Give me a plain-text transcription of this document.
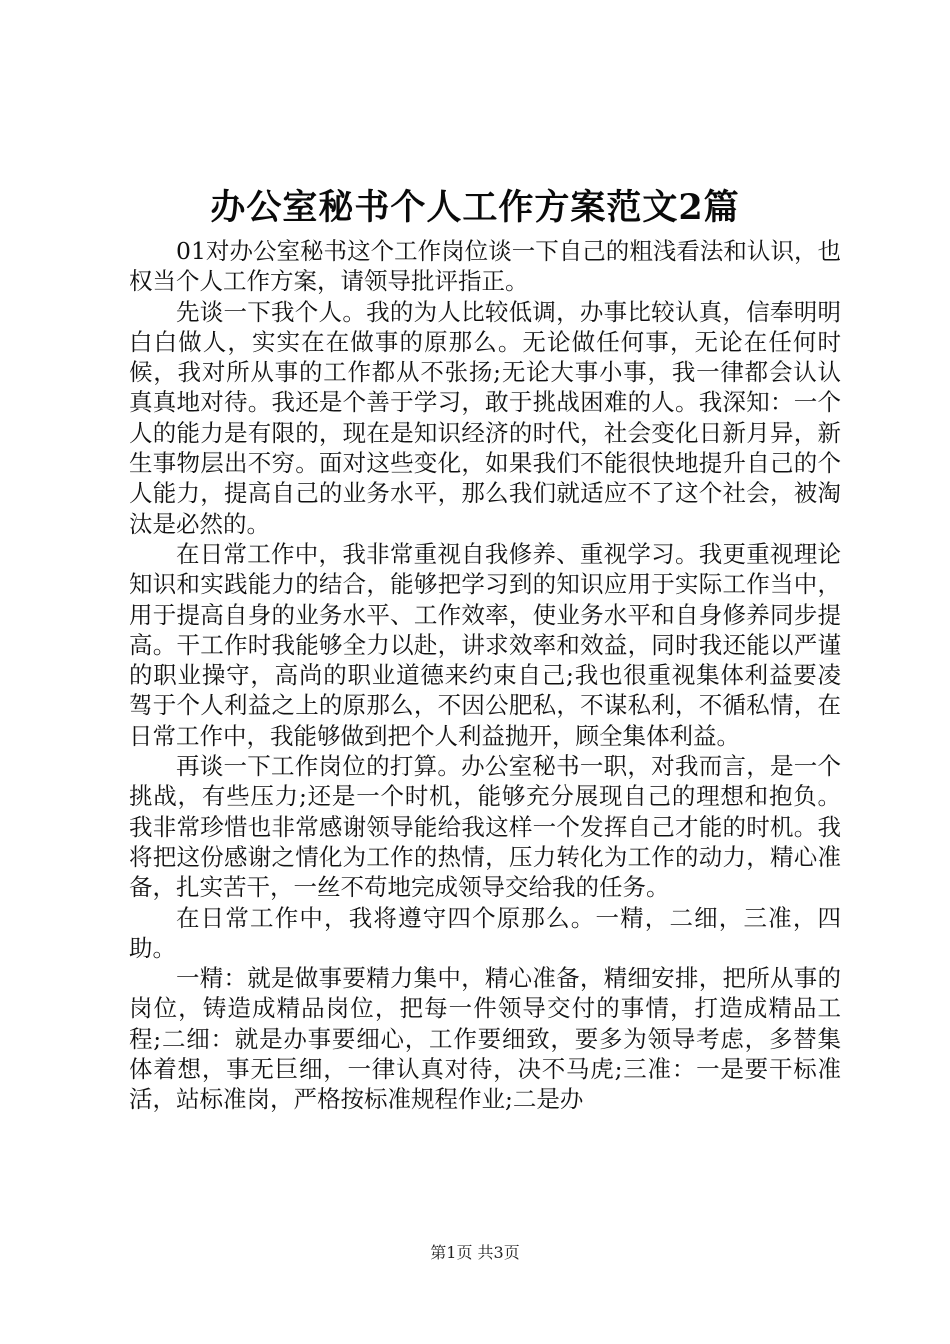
办公室秘书个人工作方案范文2篇

01对办公室秘书这个工作岗位谈一下自己的粗浅看法和认识，也权当个人工作方案，请领导批评指正。

先谈一下我个人。我的为人比较低调，办事比较认真，信奉明明白白做人，实实在在做事的原那么。无论做任何事，无论在任何时候，我对所从事的工作都从不张扬;无论大事小事，我一律都会认认真真地对待。我还是个善于学习，敢于挑战困难的人。我深知：一个人的能力是有限的，现在是知识经济的时代，社会变化日新月异，新生事物层出不穷。面对这些变化，如果我们不能很快地提升自己的个人能力，提高自己的业务水平，那么我们就适应不了这个社会，被淘汰是必然的。

在日常工作中，我非常重视自我修养、重视学习。我更重视理论知识和实践能力的结合，能够把学习到的知识应用于实际工作当中，用于提高自身的业务水平、工作效率，使业务水平和自身修养同步提高。干工作时我能够全力以赴，讲求效率和效益，同时我还能以严谨的职业操守，高尚的职业道德来约束自己;我也很重视集体利益要凌驾于个人利益之上的原那么，不因公肥私，不谋私利，不循私情，在日常工作中，我能够做到把个人利益抛开，顾全集体利益。

再谈一下工作岗位的打算。办公室秘书一职，对我而言，是一个挑战，有些压力;还是一个时机，能够充分展现自己的理想和抱负。我非常珍惜也非常感谢领导能给我这样一个发挥自己才能的时机。我将把这份感谢之情化为工作的热情，压力转化为工作的动力，精心准备，扎实苦干，一丝不苟地完成领导交给我的任务。

在日常工作中，我将遵守四个原那么。一精，二细，三准，四助。

一精：就是做事要精力集中，精心准备，精细安排，把所从事的岗位，铸造成精品岗位，把每一件领导交付的事情，打造成精品工程;二细：就是办事要细心，工作要细致，要多为领导考虑，多替集体着想，事无巨细，一律认真对待，决不马虎;三准：一是要干标准活，站标准岗，严格按标准规程作业;二是办

第1页 共3页
